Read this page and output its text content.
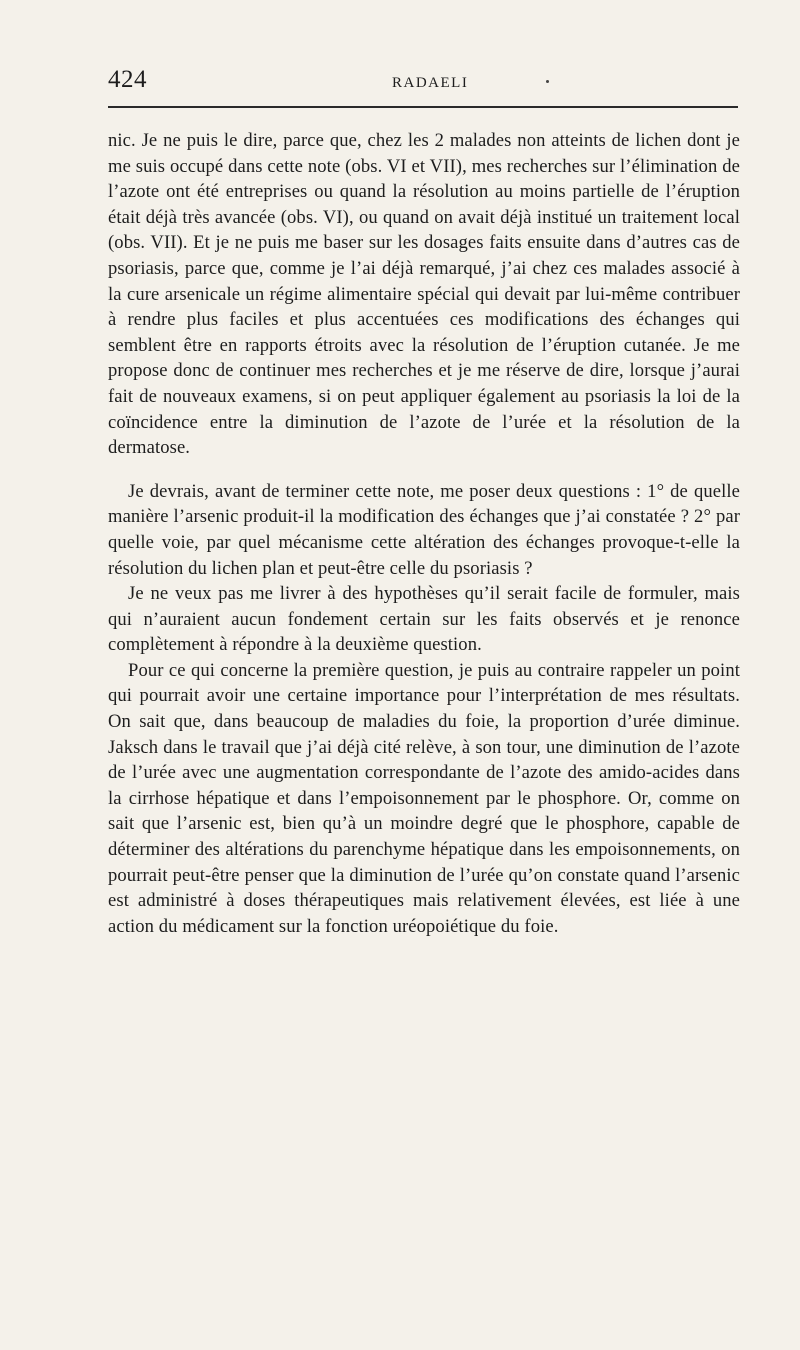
424	RADAELI

nic. Je ne puis le dire, parce que, chez les 2 malades non atteints de lichen dont je me suis occupé dans cette note (obs. VI et VII), mes recherches sur l’élimination de l’azote ont été entreprises ou quand la résolution au moins partielle de l’éruption était déjà très avancée (obs. VI), ou quand on avait déjà institué un traitement local (obs. VII). Et je ne puis me baser sur les dosages faits ensuite dans d’autres cas de psoriasis, parce que, comme je l’ai déjà remarqué, j’ai chez ces malades associé à la cure arsenicale un régime alimentaire spécial qui devait par lui-même contribuer à rendre plus faciles et plus accentuées ces modifications des échanges qui semblent être en rapports étroits avec la résolution de l’éruption cutanée. Je me propose donc de continuer mes recherches et je me réserve de dire, lorsque j’aurai fait de nouveaux examens, si on peut appliquer également au psoriasis la loi de la coïncidence entre la diminution de l’azote de l’urée et la résolution de la dermatose.

Je devrais, avant de terminer cette note, me poser deux questions : 1° de quelle manière l’arsenic produit-il la modification des échanges que j’ai constatée ? 2° par quelle voie, par quel mécanisme cette altération des échanges provoque-t-elle la résolution du lichen plan et peut-être celle du psoriasis ?

Je ne veux pas me livrer à des hypothèses qu’il serait facile de formuler, mais qui n’auraient aucun fondement certain sur les faits observés et je renonce complètement à répondre à la deuxième question.

Pour ce qui concerne la première question, je puis au contraire rappeler un point qui pourrait avoir une certaine importance pour l’interprétation de mes résultats. On sait que, dans beaucoup de maladies du foie, la proportion d’urée diminue. Jaksch dans le travail que j’ai déjà cité relève, à son tour, une diminution de l’azote de l’urée avec une augmentation correspondante de l’azote des amido-acides dans la cirrhose hépatique et dans l’empoisonnement par le phosphore. Or, comme on sait que l’arsenic est, bien qu’à un moindre degré que le phosphore, capable de déterminer des altérations du parenchyme hépatique dans les empoisonnements, on pourrait peut-être penser que la diminution de l’urée qu’on constate quand l’arsenic est administré à doses thérapeutiques mais relativement élevées, est liée à une action du médicament sur la fonction uréopoiétique du foie.
